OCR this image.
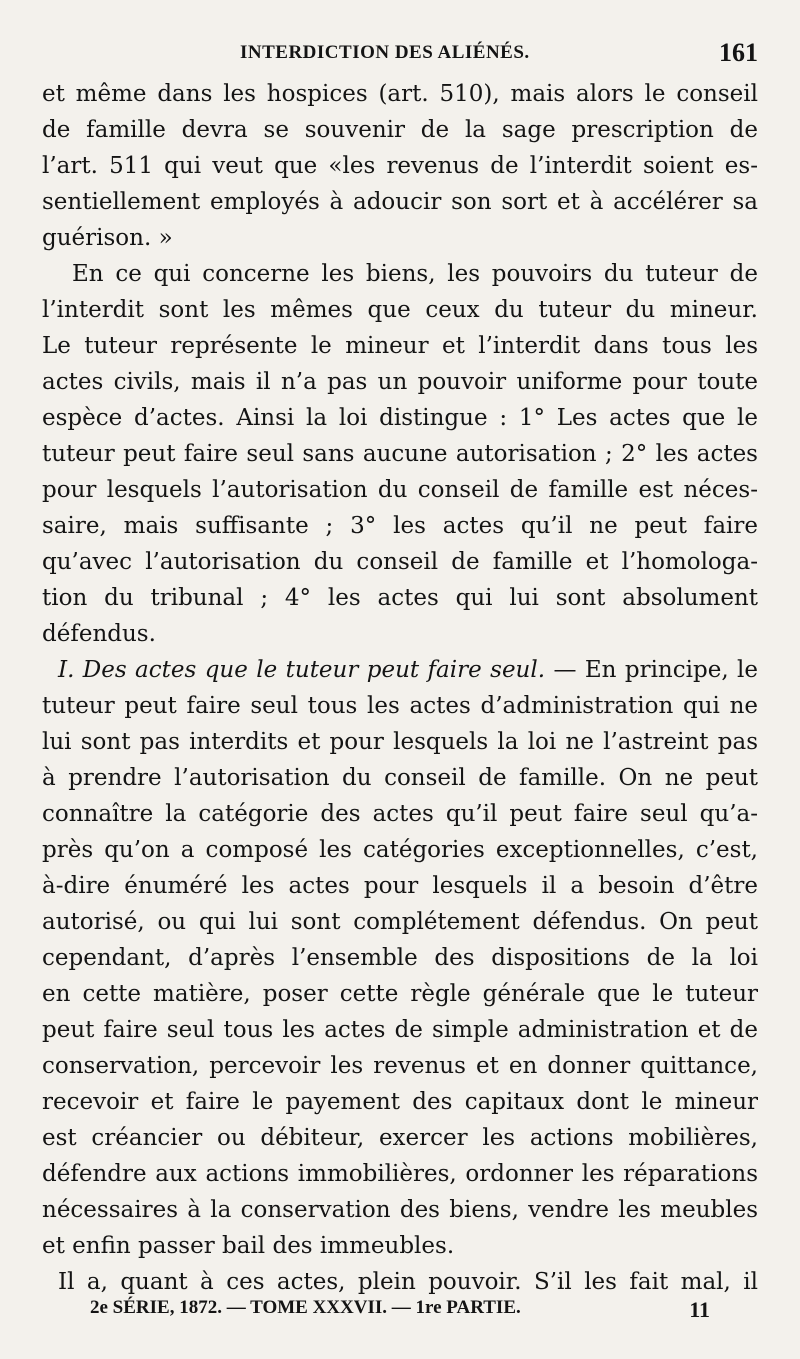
INTERDICTION DES ALIÉNÉS.	161
et même dans les hospices (art. 510), mais alors le conseil
de famille devra se souvenir de la sage prescription de
l’art. 511 qui veut que «les revenus de l’interdit soient es-
sentiellement employés à adoucir son sort et à accélérer sa
guérison. »
En ce qui concerne les biens, les pouvoirs du tuteur de
l’interdit sont les mêmes que ceux du tuteur du mineur.
Le tuteur représente le mineur et l’interdit dans tous les
actes civils, mais il n’a pas un pouvoir uniforme pour toute
espèce d’actes. Ainsi la loi distingue : 1° Les actes que le
tuteur peut faire seul sans aucune autorisation ; 2° les actes
pour lesquels l’autorisation du conseil de famille est néces-
saire, mais suffisante ; 3° les actes qu’il ne peut faire
qu’avec l’autorisation du conseil de famille et l’homologa-
tion du tribunal ; 4° les actes qui lui sont absolument
défendus.
I. Des actes que le tuteur peut faire seul. — En principe, le
tuteur peut faire seul tous les actes d’administration qui ne
lui sont pas interdits et pour lesquels la loi ne l’astreint pas
à prendre l’autorisation du conseil de famille. On ne peut
connaître la catégorie des actes qu’il peut faire seul qu’a-
près qu’on a composé les catégories exceptionnelles, c’est,
à-dire énuméré les actes pour lesquels il a besoin d’être
autorisé, ou qui lui sont complétement défendus. On peut
cependant, d’après l’ensemble des dispositions de la loi
en cette matière, poser cette règle générale que le tuteur
peut faire seul tous les actes de simple administration et de
conservation, percevoir les revenus et en donner quittance,
recevoir et faire le payement des capitaux dont le mineur
est créancier ou débiteur, exercer les actions mobilières,
défendre aux actions immobilières, ordonner les réparations
nécessaires à la conservation des biens, vendre les meubles
et enfin passer bail des immeubles.
Il a, quant à ces actes, plein pouvoir. S’il les fait mal, il
2e SÉRIE, 1872. — TOME XXXVII. — 1re PARTIE.	11
